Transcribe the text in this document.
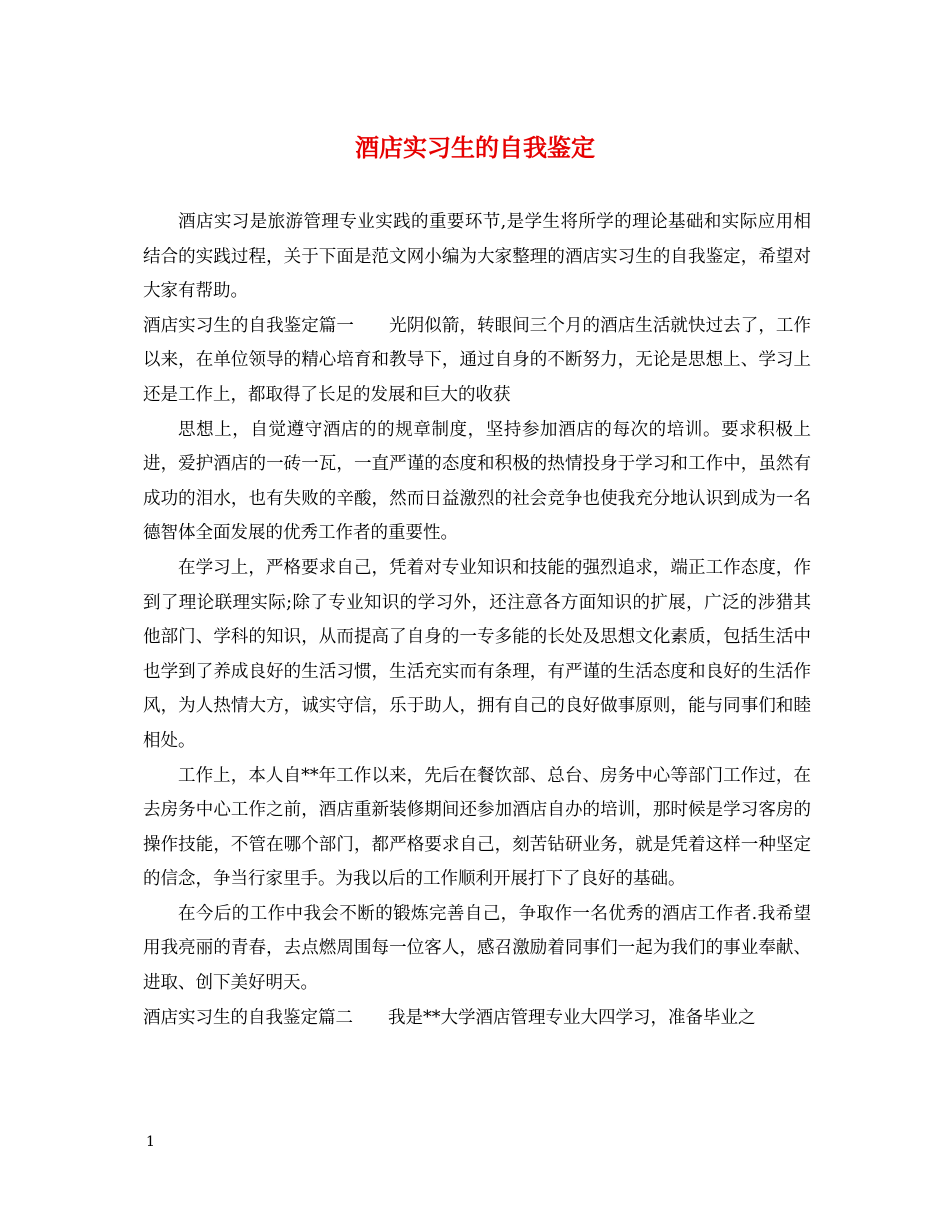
酒店实习生的自我鉴定

酒店实习是旅游管理专业实践的重要环节,是学生将所学的理论基础和实际应用相结合的实践过程，关于下面是范文网小编为大家整理的酒店实习生的自我鉴定，希望对大家有帮助。

酒店实习生的自我鉴定篇一　　光阴似箭，转眼间三个月的酒店生活就快过去了，工作以来，在单位领导的精心培育和教导下，通过自身的不断努力，无论是思想上、学习上还是工作上，都取得了长足的发展和巨大的收获

思想上，自觉遵守酒店的的规章制度，坚持参加酒店的每次的培训。要求积极上进，爱护酒店的一砖一瓦，一直严谨的态度和积极的热情投身于学习和工作中，虽然有成功的泪水，也有失败的辛酸，然而日益激烈的社会竞争也使我充分地认识到成为一名德智体全面发展的优秀工作者的重要性。

在学习上，严格要求自己，凭着对专业知识和技能的强烈追求，端正工作态度，作到了理论联理实际;除了专业知识的学习外，还注意各方面知识的扩展，广泛的涉猎其他部门、学科的知识，从而提高了自身的一专多能的长处及思想文化素质，包括生活中也学到了养成良好的生活习惯，生活充实而有条理，有严谨的生活态度和良好的生活作风，为人热情大方，诚实守信，乐于助人，拥有自己的良好做事原则，能与同事们和睦相处。

工作上，本人自**年工作以来，先后在餐饮部、总台、房务中心等部门工作过，在去房务中心工作之前，酒店重新装修期间还参加酒店自办的培训，那时候是学习客房的操作技能，不管在哪个部门，都严格要求自己，刻苦钻研业务，就是凭着这样一种坚定的信念，争当行家里手。为我以后的工作顺利开展打下了良好的基础。

在今后的工作中我会不断的锻炼完善自己，争取作一名优秀的酒店工作者.我希望用我亮丽的青春，去点燃周围每一位客人，感召激励着同事们一起为我们的事业奉献、进取、创下美好明天。

酒店实习生的自我鉴定篇二　　我是**大学酒店管理专业大四学习，准备毕业之

1
